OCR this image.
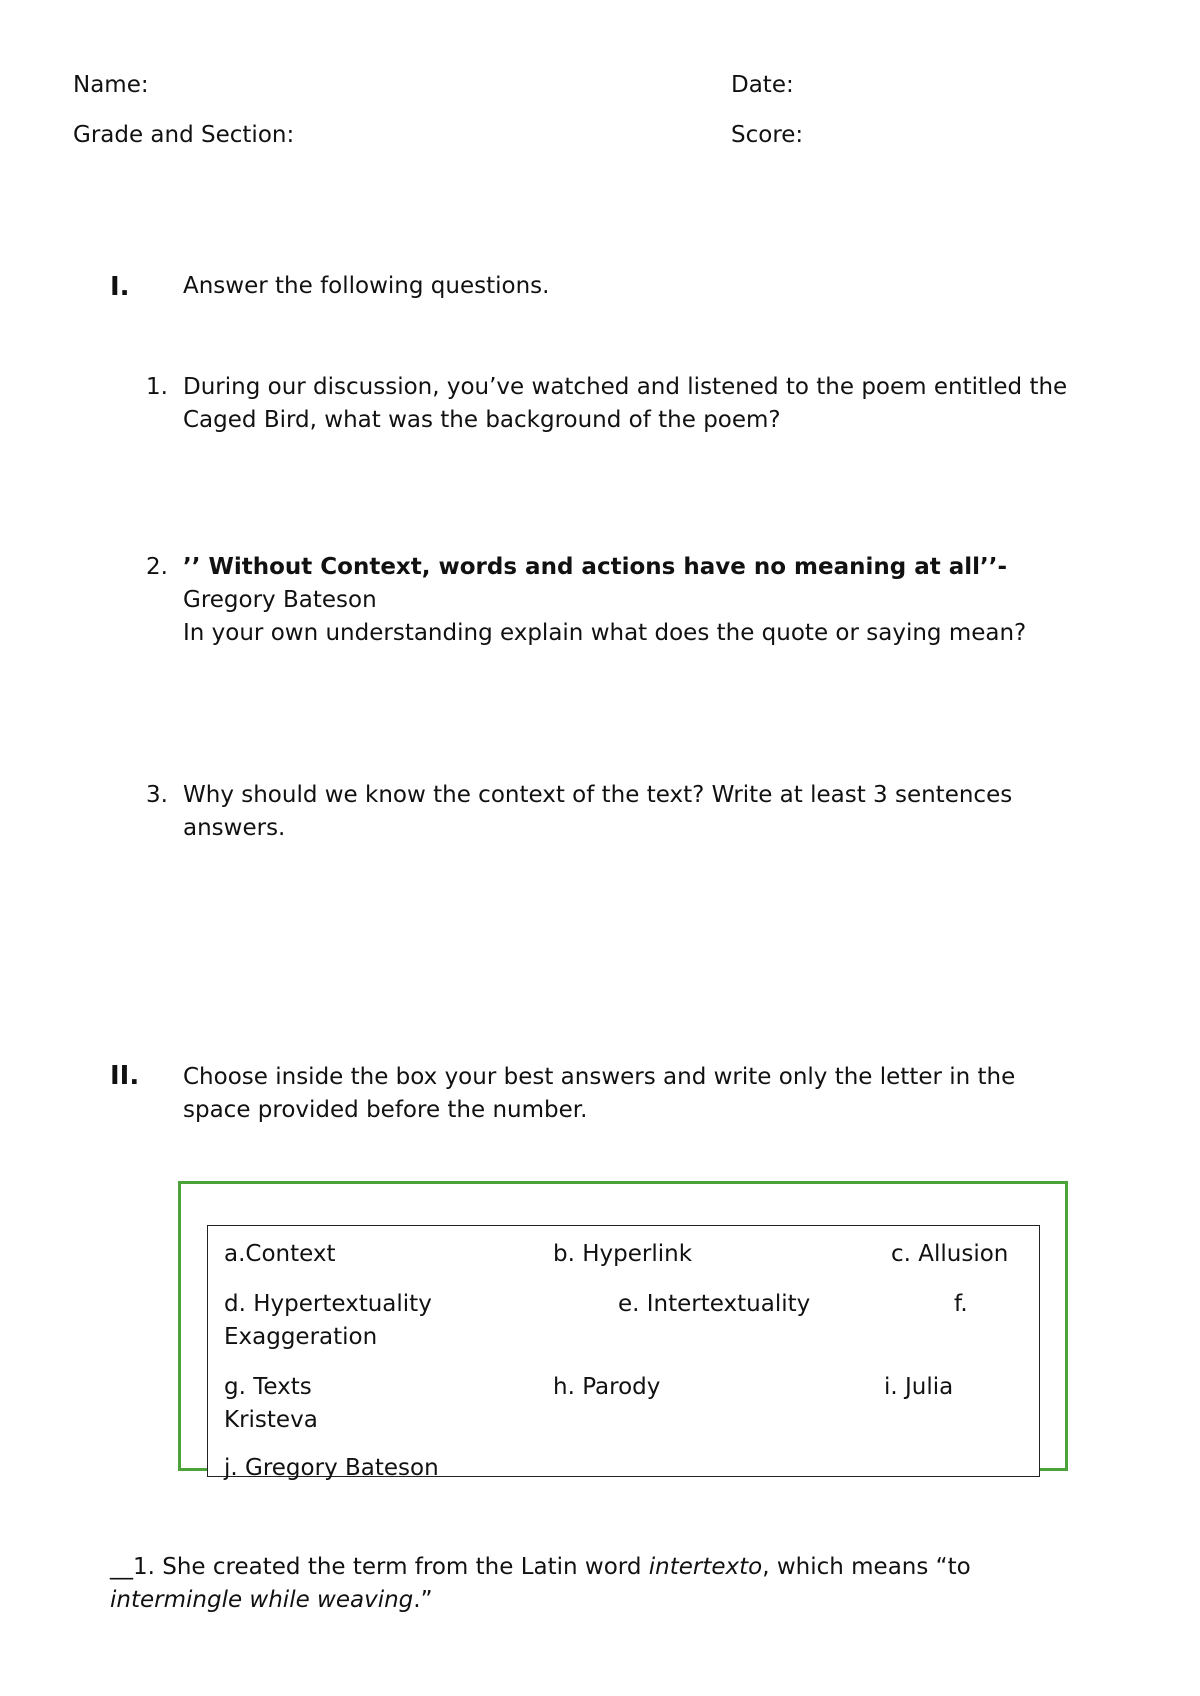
Name:	Date:
Grade and Section:	Score:
I. Answer the following questions.
1. During our discussion, you’ve watched and listened to the poem entitled the
Caged Bird, what was the background of the poem?
2. ’’ Without Context, words and actions have no meaning at all’’-
Gregory Bateson
In your own understanding explain what does the quote or saying mean?
3. Why should we know the context of the text? Write at least 3 sentences
answers.
II. Choose inside the box your best answers and write only the letter in the
space provided before the number.
a.Context	b. Hyperlink	c. Allusion
d. Hypertextuality	e. Intertextuality	f.
Exaggeration
g. Texts	h. Parody	i. Julia
Kristeva
j. Gregory Bateson
__1. She created the term from the Latin word intertexto, which means “to
intermingle while weaving.”
